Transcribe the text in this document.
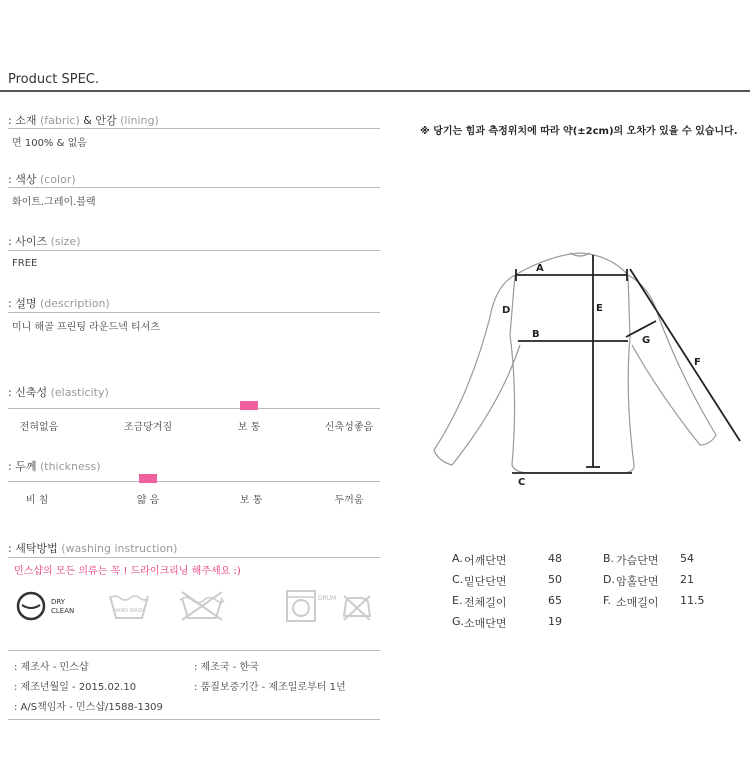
Product SPEC.
: 소재 (fabric) & 안감 (lining)
면 100% & 없음
: 색상 (color)
화이트.그레이.블랙
: 사이즈 (size)
FREE
: 설명 (description)
미니 해골 프린팅 라운드넥 티셔츠
: 신축성 (elasticity)
전혀없음	조금당겨짐	보 통	신축성좋음
: 두께 (thickness)
비 침	얇 음	보 통	두꺼움
: 세탁방법 (washing instruction)
민스샵의 모든 의류는 꼭 ! 드라이크리닝 해주세요 :)
DRY
CLEAN	HAND WASH
DRUM
: 제조사 - 민스샵	: 제조국 - 한국
: 제조년월일 - 2015.02.10	: 품질보증기간 - 제조일로부터 1년
: A/S책임자 - 민스샵/1588-1309
※ 당기는 힘과 측정위치에 따라 약(±2cm)의 오차가 있을 수 있습니다.
A
B
C
D	E
F
G
A. 어깨단면	48	B. 가슴단면 54
C. 밑단단면	50	D. 암홀단면 21
E. 전체길이	65	F. 소매길이 11.5
G. 소매단면	19
